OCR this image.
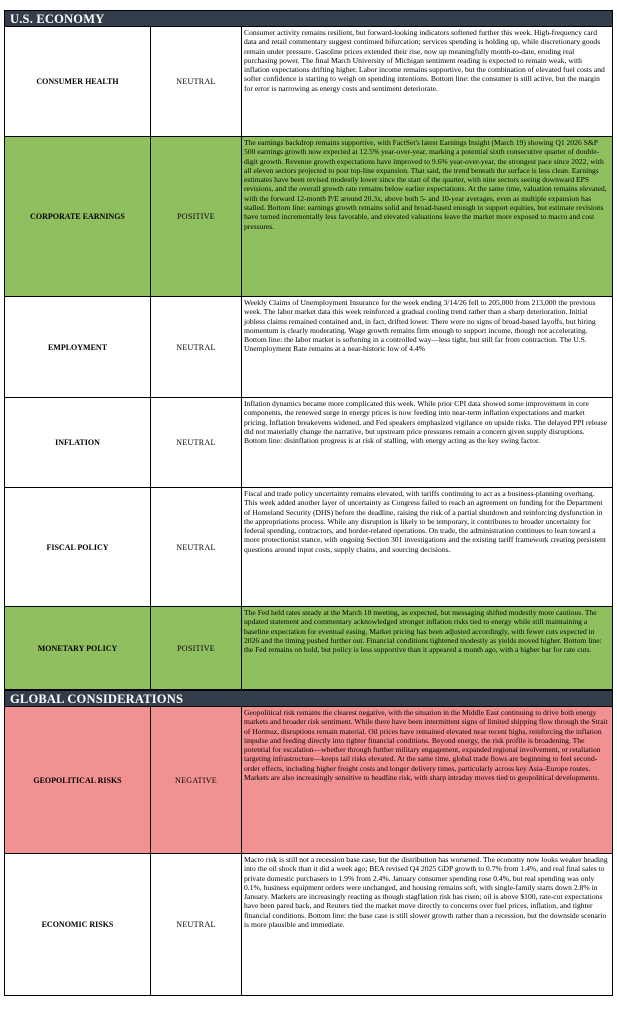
U.S. ECONOMY
CONSUMER HEALTH	NEUTRAL
Consumer activity remains resilient, but forward-looking indicators softened further this week. High-frequency card data and retail commentary suggest continued bifurcation; services spending is holding up, while discretionary goods remain under pressure. Gasoline prices extended their rise, now up meaningfully month-to-date, eroding real purchasing power. The final March University of Michigan sentiment reading is expected to remain weak, with inflation expectations drifting higher. Labor income remains supportive, but the combination of elevated fuel costs and softer confidence is starting to weigh on spending intentions. Bottom line: the consumer is still active, but the margin for error is narrowing as energy costs and sentiment deteriorate.
CORPORATE EARNINGS	POSITIVE
The earnings backdrop remains supportive, with FactSet's latest Earnings Insight (March 19) showing Q1 2026 S&P 500 earnings growth now expected at 12.5% year-over-year, marking a potential sixth consecutive quarter of double-digit growth. Revenue growth expectations have improved to 9.6% year-over-year, the strongest pace since 2022, with all eleven sectors projected to post top-line expansion. That said, the trend beneath the surface is less clean. Earnings estimates have been revised modestly lower since the start of the quarter, with nine sectors seeing downward EPS revisions, and the overall growth rate remains below earlier expectations. At the same time, valuation remains elevated, with the forward 12-month P/E around 20.3x, above both 5- and 10-year averages, even as multiple expansion has stalled. Bottom line: earnings growth remains solid and broad-based enough to support equities, but estimate revisions have turned incrementally less favorable, and elevated valuations leave the market more exposed to macro and cost pressures.
EMPLOYMENT	NEUTRAL
Weekly Claims of Unemployment Insurance for the week ending 3/14/26 fell to 205,000 from 213,000 the previous week. The labor market data this week reinforced a gradual cooling trend rather than a sharp deterioration. Initial jobless claims remained contained and, in fact, drifted lower. There were no signs of broad-based layoffs, but hiring momentum is clearly moderating. Wage growth remains firm enough to support income, though not accelerating. Bottom line: the labor market is softening in a controlled way—less tight, but still far from contraction. The U.S. Unemployment Rate remains at a near-historic low of 4.4%
INFLATION	NEUTRAL
Inflation dynamics became more complicated this week. While prior CPI data showed some improvement in core components, the renewed surge in energy prices is now feeding into near-term inflation expectations and market pricing. Inflation breakevens widened, and Fed speakers emphasized vigilance on upside risks. The delayed PPI release did not materially change the narrative, but upstream price pressures remain a concern given supply disruptions. Bottom line: disinflation progress is at risk of stalling, with energy acting as the key swing factor.
FISCAL POLICY	NEUTRAL
Fiscal and trade policy uncertainty remains elevated, with tariffs continuing to act as a business-planning overhang. This week added another layer of uncertainty as Congress failed to reach an agreement on funding for the Department of Homeland Security (DHS) before the deadline, raising the risk of a partial shutdown and reinforcing dysfunction in the appropriations process. While any disruption is likely to be temporary, it contributes to broader uncertainty for federal spending, contractors, and border-related operations. On trade, the administration continues to lean toward a more protectionist stance, with ongoing Section 301 investigations and the existing tariff framework creating persistent questions around input costs, supply chains, and sourcing decisions.
MONETARY POLICY	POSITIVE
The Fed held rates steady at the March 18 meeting, as expected, but messaging shifted modestly more cautious. The updated statement and commentary acknowledged stronger inflation risks tied to energy while still maintaining a baseline expectation for eventual easing. Market pricing has been adjusted accordingly, with fewer cuts expected in 2026 and the timing pushed further out. Financial conditions tightened modestly as yields moved higher. Bottom line: the Fed remains on hold, but policy is less supportive than it appeared a month ago, with a higher bar for rate cuts.
GLOBAL CONSIDERATIONS
GEOPOLITICAL RISKS	NEGATIVE
Geopolitical risk remains the clearest negative, with the situation in the Middle East continuing to drive both energy markets and broader risk sentiment. While there have been intermittent signs of limited shipping flow through the Strait of Hormuz, disruptions remain material. Oil prices have remained elevated near recent highs, reinforcing the inflation impulse and feeding directly into tighter financial conditions. Beyond energy, the risk profile is broadening. The potential for escalation—whether through further military engagement, expanded regional involvement, or retaliation targeting infrastructure—keeps tail risks elevated. At the same time, global trade flows are beginning to feel second-order effects, including higher freight costs and longer delivery times, particularly across key Asia–Europe routes. Markets are also increasingly sensitive to headline risk, with sharp intraday moves tied to geopolitical developments.
ECONOMIC RISKS	NEUTRAL
Macro risk is still not a recession base case, but the distribution has worsened. The economy now looks weaker heading into the oil shock than it did a week ago; BEA revised Q4 2025 GDP growth to 0.7% from 1.4%, and real final sales to private domestic purchasers to 1.9% from 2.4%. January consumer spending rose 0.4%, but real spending was only 0.1%, business equipment orders were unchanged, and housing remains soft, with single-family starts down 2.8% in January. Markets are increasingly reacting as though stagflation risk has risen; oil is above $100, rate-cut expectations have been pared back, and Reuters tied the market move directly to concerns over fuel prices, inflation, and tighter financial conditions. Bottom line: the base case is still slower growth rather than a recession, but the downside scenario is more plausible and immediate.
